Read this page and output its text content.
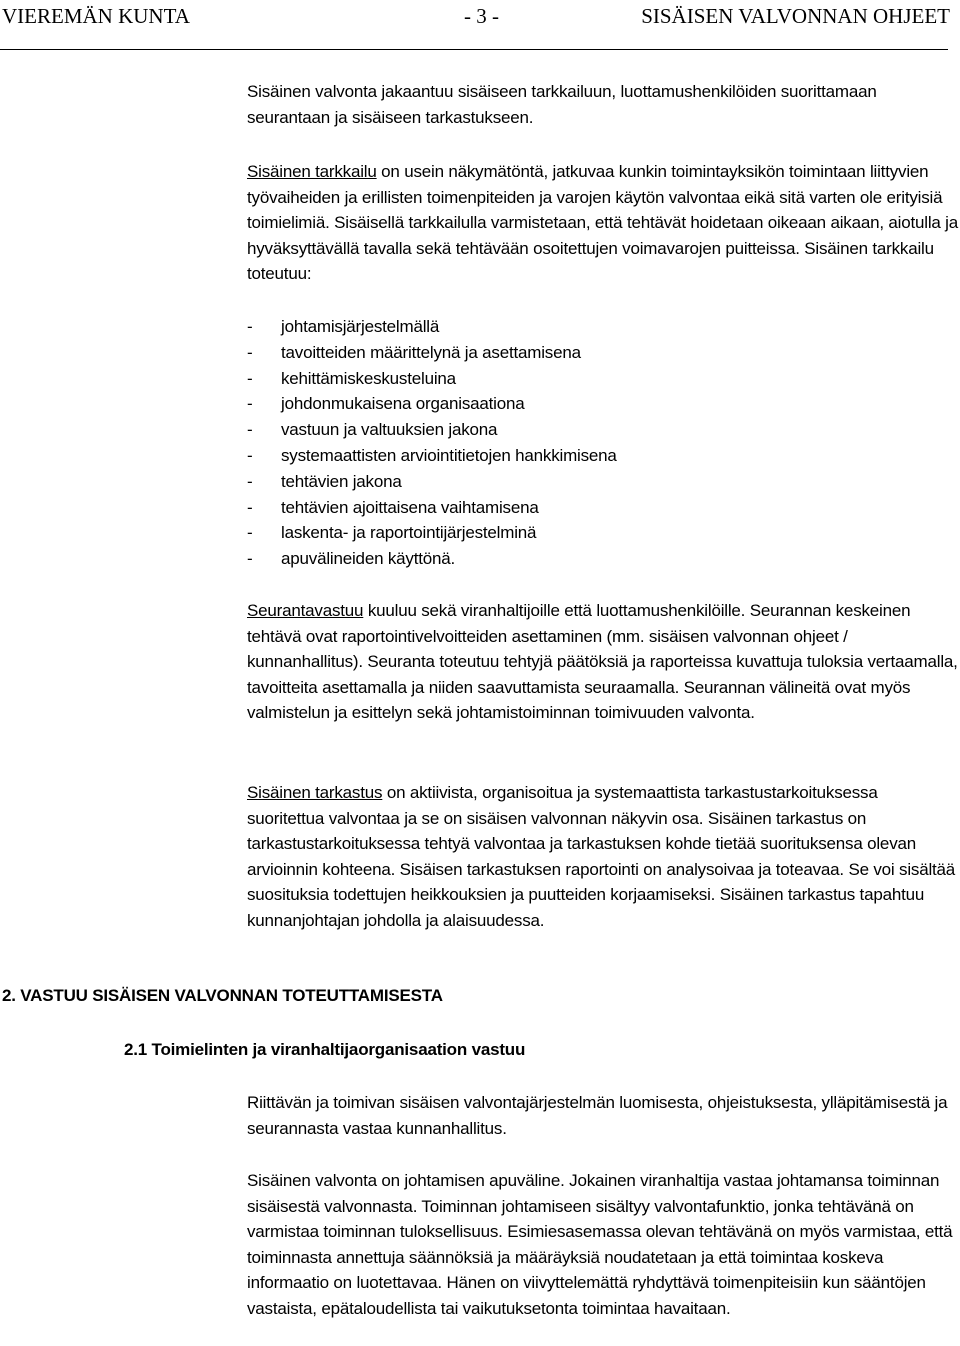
VIEREMÄN KUNTA	- 3 -	SISÄISEN VALVONNAN OHJEET

Sisäinen valvonta jakaantuu sisäiseen tarkkailuun, luottamushenkilöiden suorittamaan seurantaan ja sisäiseen tarkastukseen.

Sisäinen tarkkailu on usein näkymätöntä, jatkuvaa kunkin toimintayksikön toimintaan liittyvien työvaiheiden ja erillisten toimenpiteiden ja varojen käytön valvontaa eikä sitä varten ole erityisiä toimielimiä. Sisäisellä tarkkailulla varmistetaan, että tehtävät hoidetaan oikeaan aikaan, aiotulla ja hyväksyttävällä tavalla sekä tehtävään osoitettujen voimavarojen puitteissa. Sisäinen tarkkailu toteutuu:

- johtamisjärjestelmällä
- tavoitteiden määrittelynä ja asettamisena
- kehittämiskeskusteluina
- johdonmukaisena organisaationa
- vastuun ja valtuuksien jakona
- systemaattisten arviointitietojen hankkimisena
- tehtävien jakona
- tehtävien ajoittaisena vaihtamisena
- laskenta- ja raportointijärjestelminä
- apuvälineiden käyttönä.

Seurantavastuu kuuluu sekä viranhaltijoille että luottamushenkilöille. Seurannan keskeinen tehtävä ovat raportointivelvoitteiden asettaminen (mm. sisäisen valvonnan ohjeet / kunnanhallitus). Seuranta toteutuu tehtyjä päätöksiä ja raporteissa kuvattuja tuloksia vertaamalla, tavoitteita asettamalla ja niiden saavuttamista seuraamalla. Seurannan välineitä ovat myös valmistelun ja esittelyn sekä johtamistoiminnan toimivuuden valvonta.

Sisäinen tarkastus on aktiivista, organisoitua ja systemaattista tarkastustarkoituksessa suoritettua valvontaa ja se on sisäisen valvonnan näkyvin osa. Sisäinen tarkastus on tarkastustarkoituksessa tehtyä valvontaa ja tarkastuksen kohde tietää suorituksensa olevan arvioinnin kohteena. Sisäisen tarkastuksen raportointi on analysoivaa ja toteavaa. Se voi sisältää suosituksia todettujen heikkouksien ja puutteiden korjaamiseksi. Sisäinen tarkastus tapahtuu kunnanjohtajan johdolla ja alaisuudessa.

2. VASTUU SISÄISEN VALVONNAN TOTEUTTAMISESTA
2.1 Toimielinten ja viranhaltijaorganisaation vastuu

Riittävän ja toimivan sisäisen valvontajärjestelmän luomisesta, ohjeistuksesta, ylläpitämisestä ja seurannasta vastaa kunnanhallitus.

Sisäinen valvonta on johtamisen apuväline. Jokainen viranhaltija vastaa johtamansa toiminnan sisäisestä valvonnasta. Toiminnan johtamiseen sisältyy valvontafunktio, jonka tehtävänä on varmistaa toiminnan tuloksellisuus. Esimiesasemassa olevan tehtävänä on myös varmistaa, että toiminnasta annettuja säännöksiä ja määräyksiä noudatetaan ja että toimintaa koskeva informaatio on luotettavaa. Hänen on viivyttelemättä ryhdyttävä toimenpiteisiin kun sääntöjen vastaista, epätaloudellista tai vaikutuksetonta toimintaa havaitaan.
